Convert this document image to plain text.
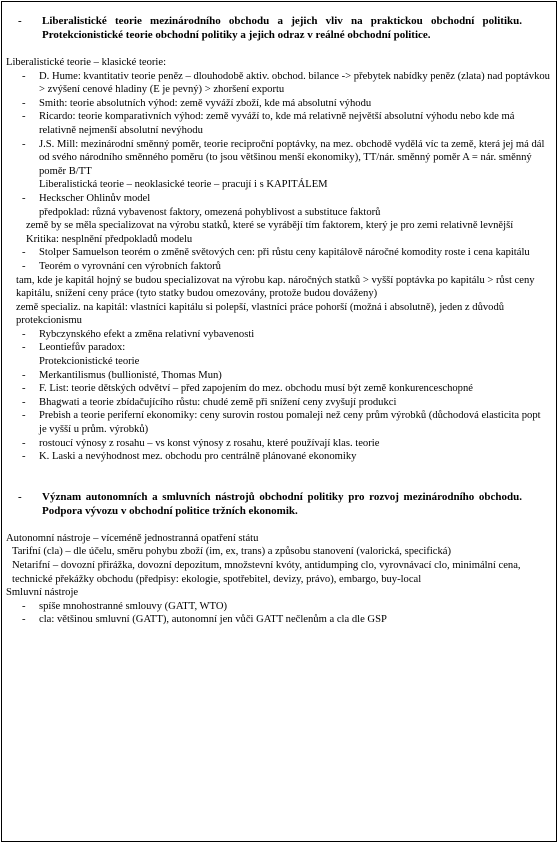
-	Liberalistické teorie mezinárodního obchodu a jejich vliv na praktickou obchodní politiku. Protekcionistické teorie obchodní politiky a jejich odraz v reálné obchodní politice.

Liberalistické teorie – klasické teorie:

-	D. Hume: kvantitativ teorie peněz – dlouhodobě aktiv. obchod. bilance -> přebytek nabídky peněz (zlata) nad poptávkou > zvýšení cenové hladiny (E je pevný) > zhoršení exportu
-	Smith: teorie absolutních výhod: země vyváží zboží, kde má absolutní výhodu
-	Ricardo: teorie komparativních výhod: země vyváží to, kde má relativně největší absolutní výhodu nebo kde má relativně nejmenší absolutní nevýhodu
-	J.S. Mill: mezinárodní směnný poměr, teorie reciproční poptávky, na mez. obchodě vydělá víc ta země, která jej má dál od svého národního směnného poměru (to jsou většinou menší ekonomiky), TT/nár. směnný poměr A = nár. směnný poměr B/TT
Liberalistická teorie – neoklasické teorie – pracují i s KAPITÁLEM
-	Heckscher Ohlinův model
předpoklad: různá vybavenost faktory, omezená pohyblivost a substituce faktorů
země by se měla specializovat na výrobu statků, které se vyrábějí tím faktorem, který je pro zemi relativně levnější
Kritika: nesplnění předpokladů modelu
-	Stolper Samuelson teorém o změně světových cen: při růstu ceny kapitálově náročné komodity roste i cena kapitálu
-	Teorém o vyrovnání cen výrobních faktorů
tam, kde je kapitál hojný se budou specializovat na výrobu kap. náročných statků > vyšší poptávka po kapitálu > růst ceny kapitálu, snížení ceny práce (tyto statky budou omezovány, protože budou dováženy)
země specializ. na kapitál: vlastníci kapitálu si polepší, vlastníci práce pohorší (možná i absolutně), jeden z důvodů protekcionismu
-	Rybczynského efekt a změna relativní vybavenosti
-	Leontiefův paradox:
Protekcionistické teorie
-	Merkantilismus (bullionisté, Thomas Mun)
-	F. List: teorie dětských odvětví – před zapojením do mez. obchodu musí být země konkurenceschopné
-	Bhagwati a teorie zbídačujícího růstu: chudé země při snížení ceny zvyšují produkci
-	Prebish a teorie periferní ekonomiky: ceny surovin rostou pomaleji než ceny prům výrobků (důchodová elasticita popt je vyšší u prům. výrobků)
-	rostoucí výnosy z rosahu – vs konst výnosy z rosahu, které používají klas. teorie
-	K. Laski a nevýhodnost mez. obchodu pro centrálně plánované ekonomiky
-	Význam autonomních a smluvních nástrojů obchodní politiky pro rozvoj mezinárodního obchodu. Podpora vývozu v obchodní politice tržních ekonomik.

Autonomní nástroje – víceméně jednostranná opatření státu

Tarifní (cla) – dle účelu, směru pohybu zboží (im, ex, trans) a způsobu stanovení (valorická, specifická)
Netarifní – dovozní přirážka, dovozní depozitum, množstevní kvóty, antidumping clo, vyrovnávací clo, minimální cena, technické překážky obchodu (předpisy: ekologie, spotřebitel, devizy, právo), embargo, buy-local

Smluvní nástroje

-	spíše mnohostranné smlouvy (GATT, WTO)
-	cla: většinou smluvní (GATT), autonomní jen vůči GATT nečlenům a cla dle GSP
